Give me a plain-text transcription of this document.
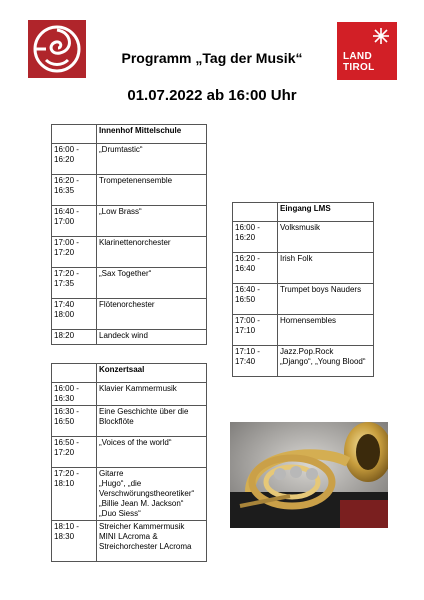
LAND
TIROL
Programm „Tag der Musik“
01.07.2022 ab 16:00 Uhr
	Innenhof Mittelschule
16:00 -
16:20	„Drumtastic“
16:20 -
16:35	Trompetenensemble
16:40 -
17:00	„Low Brass“
17:00 -
17:20	Klarinettenorchester
17:20 -
17:35	„Sax Together“
17:40
18:00	Flötenorchester
18:20	Landeck wind
	Eingang LMS
16:00 -
16:20	Volksmusik
16:20 -
16:40	Irish Folk
16:40 -
16:50	Trumpet boys Nauders
17:00 -
17:10	Hornensembles
17:10 -
17:40	Jazz.Pop.Rock
„Django“, „Young Blood“
	Konzertsaal
16:00 -
16:30	Klavier Kammermusik
16:30 -
16:50	Eine Geschichte über die
Blockflöte
16:50 -
17:20	„Voices of the world“
17:20 -
18:10	Gitarre
„Hugo“, „die
Verschwörungstheoretiker“
„Billie Jean M. Jackson“
„Duo Siess“
18:10 -
18:30	Streicher Kammermusik
MINI LAcroma &
Streichorchester LAcroma
